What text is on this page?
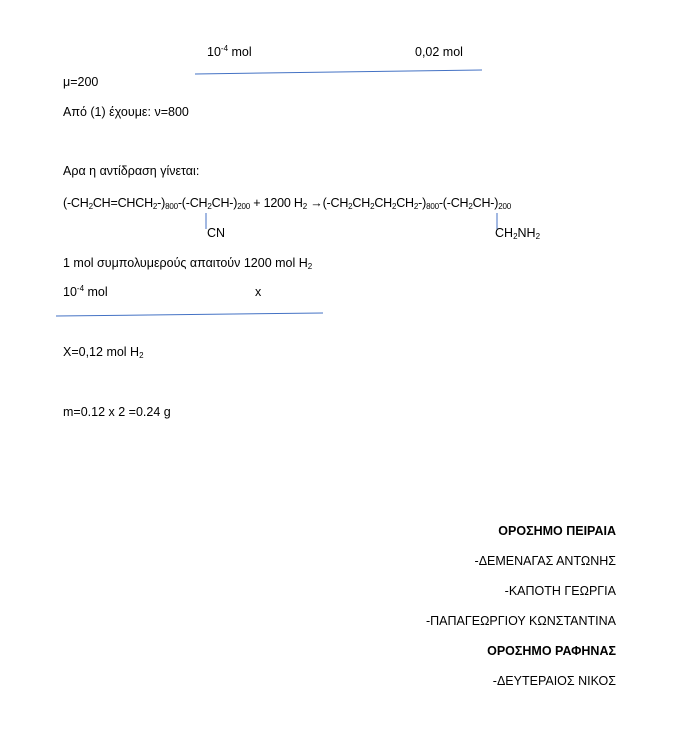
$10^{-4}$ mol	0,02 mol
μ=200
Από (1) έχουμε: ν=800
Αρα η αντίδραση γίνεται:
$(-CH_2CH=CHCH_2-)_{800}-(-CH_2CH-)_{200} + 1200$ $H_2 \to(-CH_2CH_2CH_2CH_2-)_{800}-(-CH_2CH-)_{200}$
CN	$CH_2NH_2$
1 mol συμπολυμερούς απαιτούν 1200 mol $H_2$
$10^{-4}$ mol	x
X=0,12 mol $H_2$
m=0.12 x 2 =0.24 g
ΟΡΟΣΗΜΟ ΠΕΙΡΑΙΑ
-ΔΕΜΕΝΑΓΑΣ ΑΝΤΩΝΗΣ
-ΚΑΠΟΤΗ ΓΕΩΡΓΙΑ
-ΠΑΠΑΓΕΩΡΓΙΟΥ ΚΩΝΣΤΑΝΤΙΝΑ
ΟΡΟΣΗΜΟ ΡΑΦΗΝΑΣ
-ΔΕΥΤΕΡΑΙΟΣ ΝΙΚΟΣ
